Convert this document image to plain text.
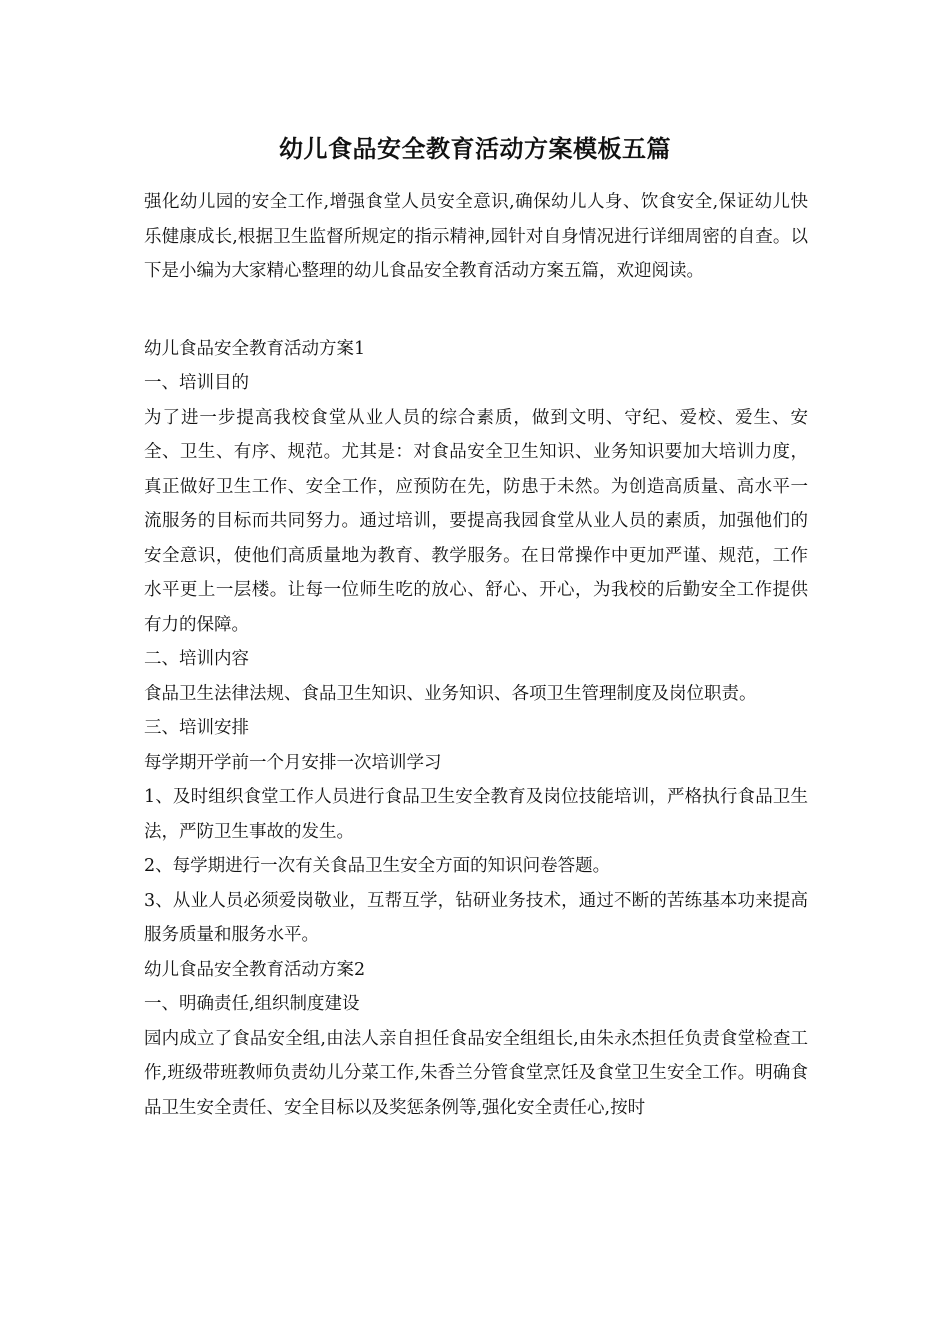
幼儿食品安全教育活动方案模板五篇

强化幼儿园的安全工作,增强食堂人员安全意识,确保幼儿人身、饮食安全,保证幼儿快乐健康成长,根据卫生监督所规定的指示精神,园针对自身情况进行详细周密的自查。以下是小编为大家精心整理的幼儿食品安全教育活动方案五篇，欢迎阅读。

幼儿食品安全教育活动方案1

一、培训目的

为了进一步提高我校食堂从业人员的综合素质，做到文明、守纪、爱校、爱生、安全、卫生、有序、规范。尤其是：对食品安全卫生知识、业务知识要加大培训力度，真正做好卫生工作、安全工作，应预防在先，防患于未然。为创造高质量、高水平一流服务的目标而共同努力。通过培训，要提高我园食堂从业人员的素质，加强他们的安全意识，使他们高质量地为教育、教学服务。在日常操作中更加严谨、规范，工作水平更上一层楼。让每一位师生吃的放心、舒心、开心，为我校的后勤安全工作提供有力的保障。

二、培训内容

食品卫生法律法规、食品卫生知识、业务知识、各项卫生管理制度及岗位职责。

三、培训安排

每学期开学前一个月安排一次培训学习

1、及时组织食堂工作人员进行食品卫生安全教育及岗位技能培训，严格执行食品卫生法，严防卫生事故的发生。

2、每学期进行一次有关食品卫生安全方面的知识问卷答题。

3、从业人员必须爱岗敬业，互帮互学，钻研业务技术，通过不断的苦练基本功来提高服务质量和服务水平。

幼儿食品安全教育活动方案2

一、明确责任,组织制度建设

园内成立了食品安全组,由法人亲自担任食品安全组组长,由朱永杰担任负责食堂检查工作,班级带班教师负责幼儿分菜工作,朱香兰分管食堂烹饪及食堂卫生安全工作。明确食品卫生安全责任、安全目标以及奖惩条例等,强化安全责任心,按时
